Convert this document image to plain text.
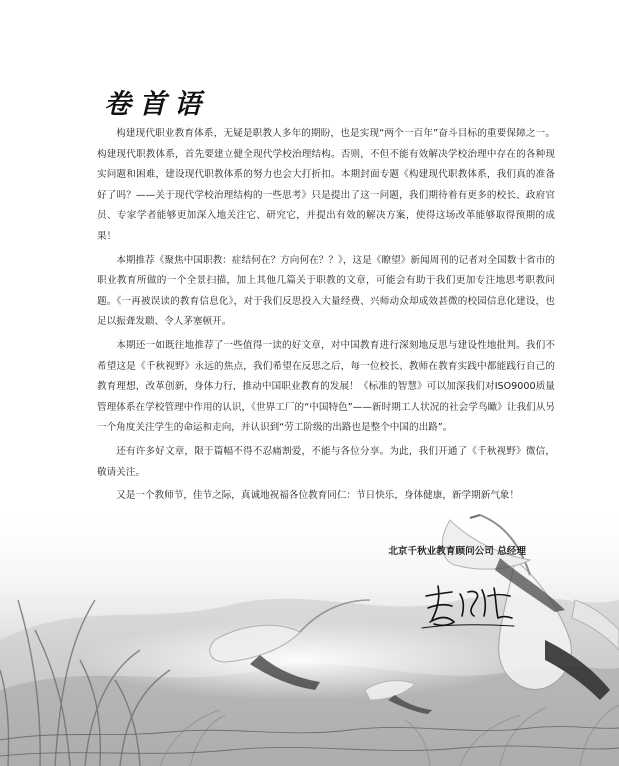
卷首语

构建现代职业教育体系，无疑是职教人多年的期盼，也是实现“两个一百年”奋斗目标的重要保障之一。构建现代职教体系，首先要建立健全现代学校治理结构。否则，不但不能有效解决学校治理中存在的各种现实问题和困难，建设现代职教体系的努力也会大打折扣。本期封面专题《构建现代职教体系，我们真的准备好了吗？——关于现代学校治理结构的一些思考》只是提出了这一问题，我们期待着有更多的校长、政府官员、专家学者能够更加深入地关注它、研究它，并提出有效的解决方案，使得这场改革能够取得预期的成果！

本期推荐《聚焦中国职教：症结何在？方向何在？？》，这是《瞭望》新闻周刊的记者对全国数十省市的职业教育所做的一个全景扫描，加上其他几篇关于职教的文章，可能会有助于我们更加专注地思考职教问题。《一再被误读的教育信息化》，对于我们反思投入大量经费、兴师动众却成效甚微的校园信息化建设，也足以振聋发聩、令人茅塞顿开。

本期还一如既往地推荐了一些值得一读的好文章，对中国教育进行深刻地反思与建设性地批判。我们不希望这是《千秋视野》永远的焦点，我们希望在反思之后，每一位校长、教师在教育实践中都能践行自己的教育理想，改革创新，身体力行，推动中国职业教育的发展！《标准的智慧》可以加深我们对ISO9000质量管理体系在学校管理中作用的认识，《世界工厂的“中国特色”——新时期工人状况的社会学鸟瞰》让我们从另一个角度关注学生的命运和走向，并认识到“劳工阶级的出路也是整个中国的出路”。

还有许多好文章，限于篇幅不得不忍痛割爱，不能与各位分享。为此，我们开通了《千秋视野》微信，敬请关注。

又是一个教师节，佳节之际，真诚地祝福各位教育同仁：节日快乐，身体健康，新学期新气象！

北京千秋业教育顾问公司 总经理
